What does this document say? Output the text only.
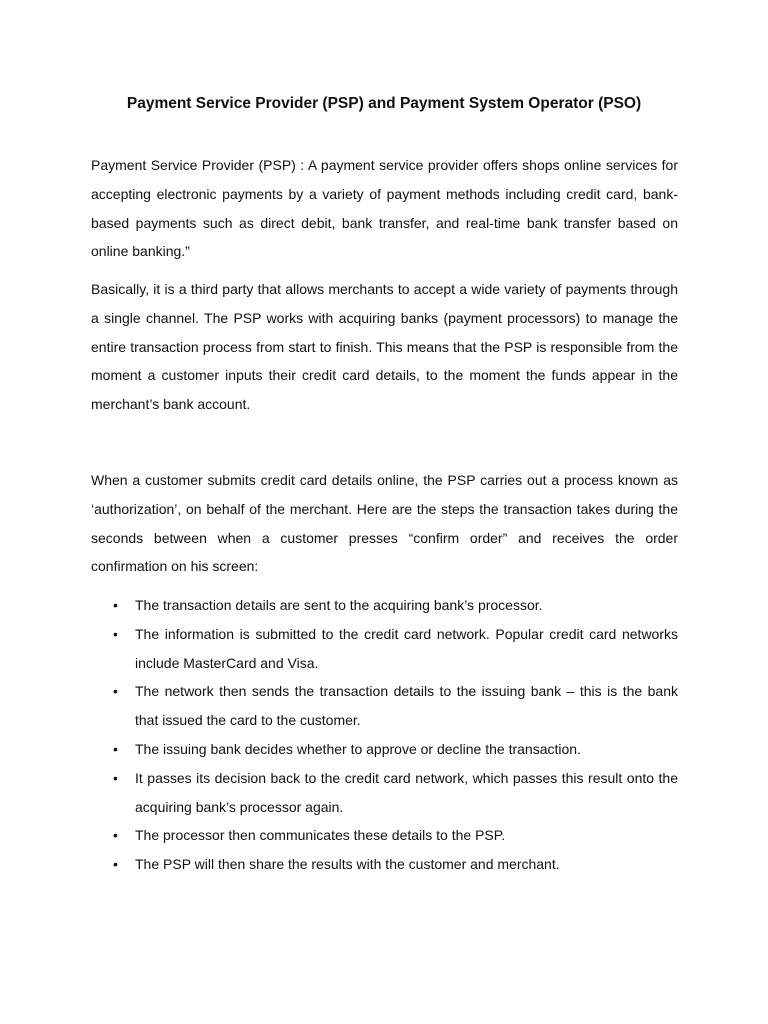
Payment Service Provider (PSP) and Payment System Operator (PSO)

Payment Service Provider (PSP) : A payment service provider offers shops online services for accepting electronic payments by a variety of payment methods including credit card, bank-based payments such as direct debit, bank transfer, and real-time bank transfer based on online banking.”

Basically, it is a third party that allows merchants to accept a wide variety of payments through a single channel. The PSP works with acquiring banks (payment processors) to manage the entire transaction process from start to finish. This means that the PSP is responsible from the moment a customer inputs their credit card details, to the moment the funds appear in the merchant’s bank account.

When a customer submits credit card details online, the PSP carries out a process known as ‘authorization’, on behalf of the merchant. Here are the steps the transaction takes during the seconds between when a customer presses “confirm order” and receives the order confirmation on his screen:

• The transaction details are sent to the acquiring bank’s processor.
• The information is submitted to the credit card network. Popular credit card networks include MasterCard and Visa.
• The network then sends the transaction details to the issuing bank – this is the bank that issued the card to the customer.
• The issuing bank decides whether to approve or decline the transaction.
• It passes its decision back to the credit card network, which passes this result onto the acquiring bank’s processor again.
• The processor then communicates these details to the PSP.
• The PSP will then share the results with the customer and merchant.
